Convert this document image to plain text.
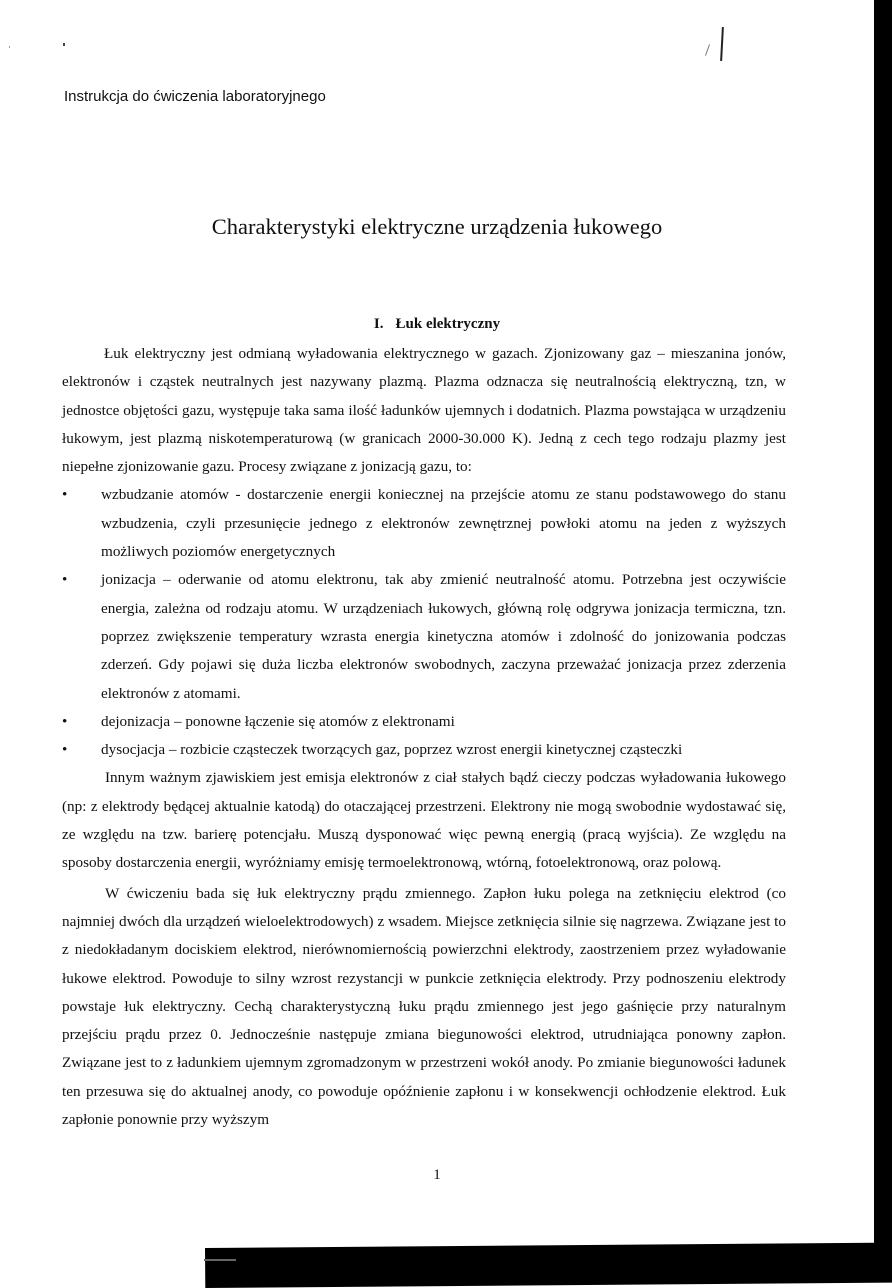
Instrukcja do ćwiczenia laboratoryjnego
Charakterystyki elektryczne urządzenia łukowego
I. Łuk elektryczny

Łuk elektryczny jest odmianą wyładowania elektrycznego w gazach. Zjonizowany gaz – mieszanina jonów, elektronów i cząstek neutralnych jest nazywany plazmą. Plazma odznacza się neutralnością elektryczną, tzn, w jednostce objętości gazu, występuje taka sama ilość ładunków ujemnych i dodatnich. Plazma powstająca w urządzeniu łukowym, jest plazmą niskotemperaturową (w granicach 2000-30.000 K). Jedną z cech tego rodzaju plazmy jest niepełne zjonizowanie gazu. Procesy związane z jonizacją gazu, to:

•	wzbudzanie atomów - dostarczenie energii koniecznej na przejście atomu ze stanu podstawowego do stanu wzbudzenia, czyli przesunięcie jednego z elektronów zewnętrznej powłoki atomu na jeden z wyższych możliwych poziomów energetycznych
•	jonizacja – oderwanie od atomu elektronu, tak aby zmienić neutralność atomu. Potrzebna jest oczywiście energia, zależna od rodzaju atomu. W urządzeniach łukowych, główną rolę odgrywa jonizacja termiczna, tzn. poprzez zwiększenie temperatury wzrasta energia kinetyczna atomów i zdolność do jonizowania podczas zderzeń. Gdy pojawi się duża liczba elektronów swobodnych, zaczyna przeważać jonizacja przez zderzenia elektronów z atomami.
•	dejonizacja – ponowne łączenie się atomów z elektronami
•	dysocjacja – rozbicie cząsteczek tworzących gaz, poprzez wzrost energii kinetycznej cząsteczki

Innym ważnym zjawiskiem jest emisja elektronów z ciał stałych bądź cieczy podczas wyładowania łukowego (np: z elektrody będącej aktualnie katodą) do otaczającej przestrzeni. Elektrony nie mogą swobodnie wydostawać się, ze względu na tzw. barierę potencjału. Muszą dysponować więc pewną energią (pracą wyjścia). Ze względu na sposoby dostarczenia energii, wyróżniamy emisję termoelektronową, wtórną, fotoelektronową, oraz polową.

W ćwiczeniu bada się łuk elektryczny prądu zmiennego. Zapłon łuku polega na zetknięciu elektrod (co najmniej dwóch dla urządzeń wieloelektrodowych) z wsadem. Miejsce zetknięcia silnie się nagrzewa. Związane jest to z niedokładanym dociskiem elektrod, nierównomiernością powierzchni elektrody, zaostrzeniem przez wyładowanie łukowe elektrod. Powoduje to silny wzrost rezystancji w punkcie zetknięcia elektrody. Przy podnoszeniu elektrody powstaje łuk elektryczny. Cechą charakterystyczną łuku prądu zmiennego jest jego gaśnięcie przy naturalnym przejściu prądu przez 0. Jednocześnie następuje zmiana biegunowości elektrod, utrudniająca ponowny zapłon. Związane jest to z ładunkiem ujemnym zgromadzonym w przestrzeni wokół anody. Po zmianie biegunowości ładunek ten przesuwa się do aktualnej anody, co powoduje opóźnienie zapłonu i w konsekwencji ochłodzenie elektrod. Łuk zapłonie ponownie przy wyższym

1
